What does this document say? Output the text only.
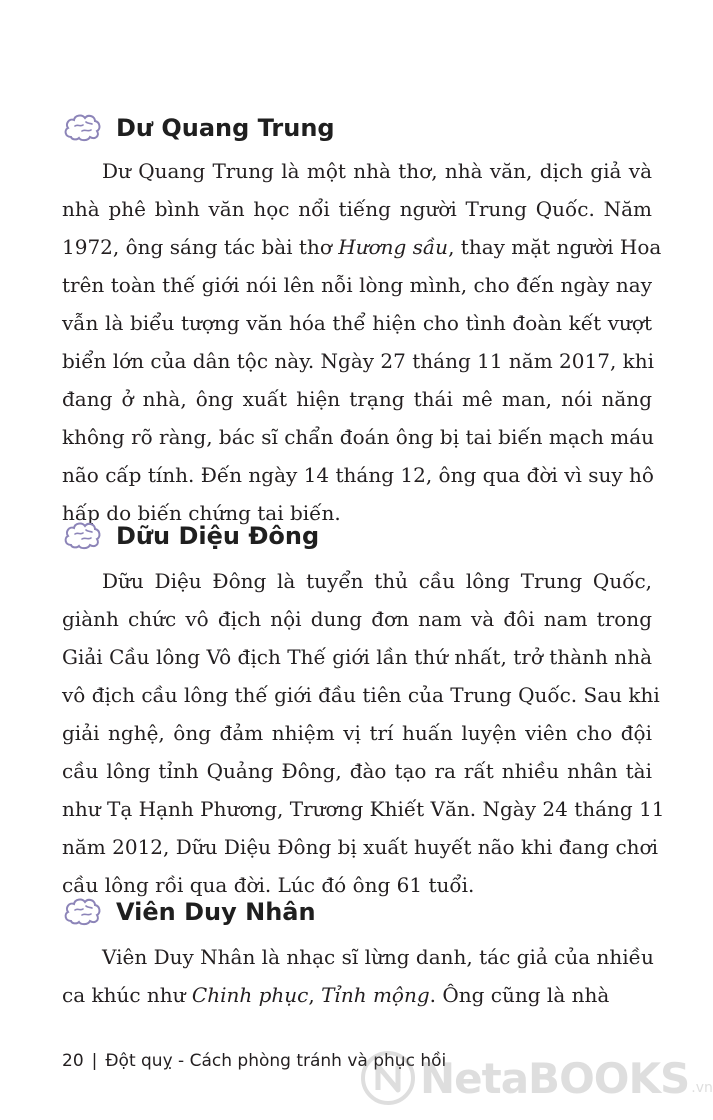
Dư Quang Trung
Dư Quang Trung là một nhà thơ, nhà văn, dịch giả và
nhà phê bình văn học nổi tiếng người Trung Quốc. Năm
1972, ông sáng tác bài thơ Hương sầu, thay mặt người Hoa
trên toàn thế giới nói lên nỗi lòng mình, cho đến ngày nay
vẫn là biểu tượng văn hóa thể hiện cho tình đoàn kết vượt
biển lớn của dân tộc này. Ngày 27 tháng 11 năm 2017, khi
đang ở nhà, ông xuất hiện trạng thái mê man, nói năng
không rõ ràng, bác sĩ chẩn đoán ông bị tai biến mạch máu
não cấp tính. Đến ngày 14 tháng 12, ông qua đời vì suy hô
hấp do biến chứng tai biến.
Dữu Diệu Đông
Dữu Diệu Đông là tuyển thủ cầu lông Trung Quốc,
giành chức vô địch nội dung đơn nam và đôi nam trong
Giải Cầu lông Vô địch Thế giới lần thứ nhất, trở thành nhà
vô địch cầu lông thế giới đầu tiên của Trung Quốc. Sau khi
giải nghệ, ông đảm nhiệm vị trí huấn luyện viên cho đội
cầu lông tỉnh Quảng Đông, đào tạo ra rất nhiều nhân tài
như Tạ Hạnh Phương, Trương Khiết Văn. Ngày 24 tháng 11
năm 2012, Dữu Diệu Đông bị xuất huyết não khi đang chơi
cầu lông rồi qua đời. Lúc đó ông 61 tuổi.
Viên Duy Nhân
Viên Duy Nhân là nhạc sĩ lừng danh, tác giả của nhiều
ca khúc như Chinh phục, Tỉnh mộng. Ông cũng là nhà
20 | Đột quỵ - Cách phòng tránh và phục hồi
NetaBOOKS .vn
